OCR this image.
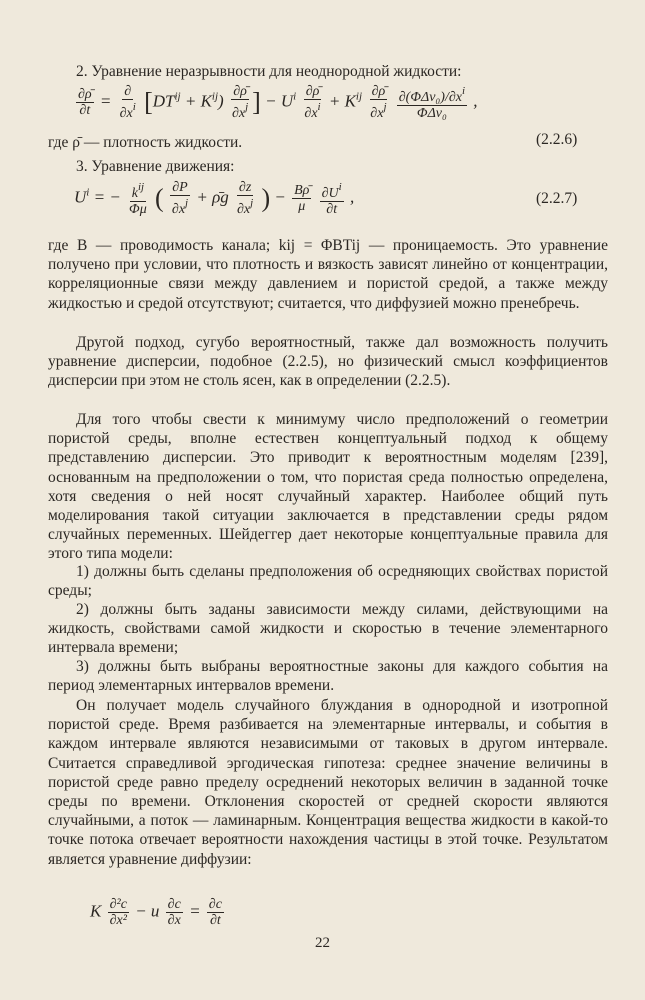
2. Уравнение неразрывности для неоднородной жидкости:
$\frac{\partial\rhō}{\partial t} = \frac{\partial}{\partial x^i} [DT^{ij} + K^{ij}) \frac{\partial\rhō}{\partial x^j}$ ] − $U^i \frac{\partial\rhō}{\partial x^i} + K^{ij} \frac{\partial\rhō}{\partial x^j}$
$\frac{\partial(\Phi\Delta v_0)/\partial x^i}{\text{ΦΔv₀}}$ ,
где ρ̄ — плотность жидкости.	(2.2.6)
3. Уравнение движения:
$U^i$ = − $\frac{k^{ij}}{\Phi\mu}$ ( $\frac{\partial P}{\partial x^j}$ + ρ̄g $\frac{\partial z}{\partial x^j}$ ) − $\frac{B\rhō}{\mu}$
$\frac{\partial U^i}{\partial t}$ ,	(2.2.7)
где B — проводимость канала; kij = ΦBTij — проницаемость. Это уравнение получено при условии, что плотность и вязкость зависят линейно от концентрации, корреляционные связи между давлением и пористой средой, а также между жидкостью и средой отсутствуют; считается, что диффузией можно пренебречь.
Другой подход, сугубо вероятностный, также дал возможность получить уравнение дисперсии, подобное (2.2.5), но физический смысл коэффициентов дисперсии при этом не столь ясен, как в определении (2.2.5).
Для того чтобы свести к минимуму число предположений о геометрии пористой среды, вполне естествен концептуальный подход к общему представлению дисперсии. Это приводит к вероятностным моделям [239], основанным на предположении о том, что пористая среда полностью определена, хотя сведения о ней носят случайный характер. Наиболее общий путь моделирования такой ситуации заключается в представлении среды рядом случайных переменных. Шейдеггер дает некоторые концептуальные правила для этого типа модели:
1) должны быть сделаны предположения об осредняющих свойствах пористой среды;
2) должны быть заданы зависимости между силами, действующими на жидкость, свойствами самой жидкости и скоростью в течение элементарного интервала времени;
3) должны быть выбраны вероятностные законы для каждого события на период элементарных интервалов времени.
Он получает модель случайного блуждания в однородной и изотропной пористой среде. Время разбивается на элементарные интервалы, и события в каждом интервале являются независимыми от таковых в другом интервале. Считается справедливой эргодическая гипотеза: среднее значение величины в пористой среде равно пределу осреднений некоторых величин в заданной точке среды по времени. Отклонения скоростей от средней скорости являются случайными, а поток — ламинарным. Концентрация вещества жидкости в какой-то точке потока отвечает вероятности нахождения частицы в этой точке. Результатом является уравнение диффузии:
K $\frac{\text{∂²c}}{\text{∂x²}} - u \frac{\partial c}{\partial x} = \frac{\partial c}{\partial t}$
22
